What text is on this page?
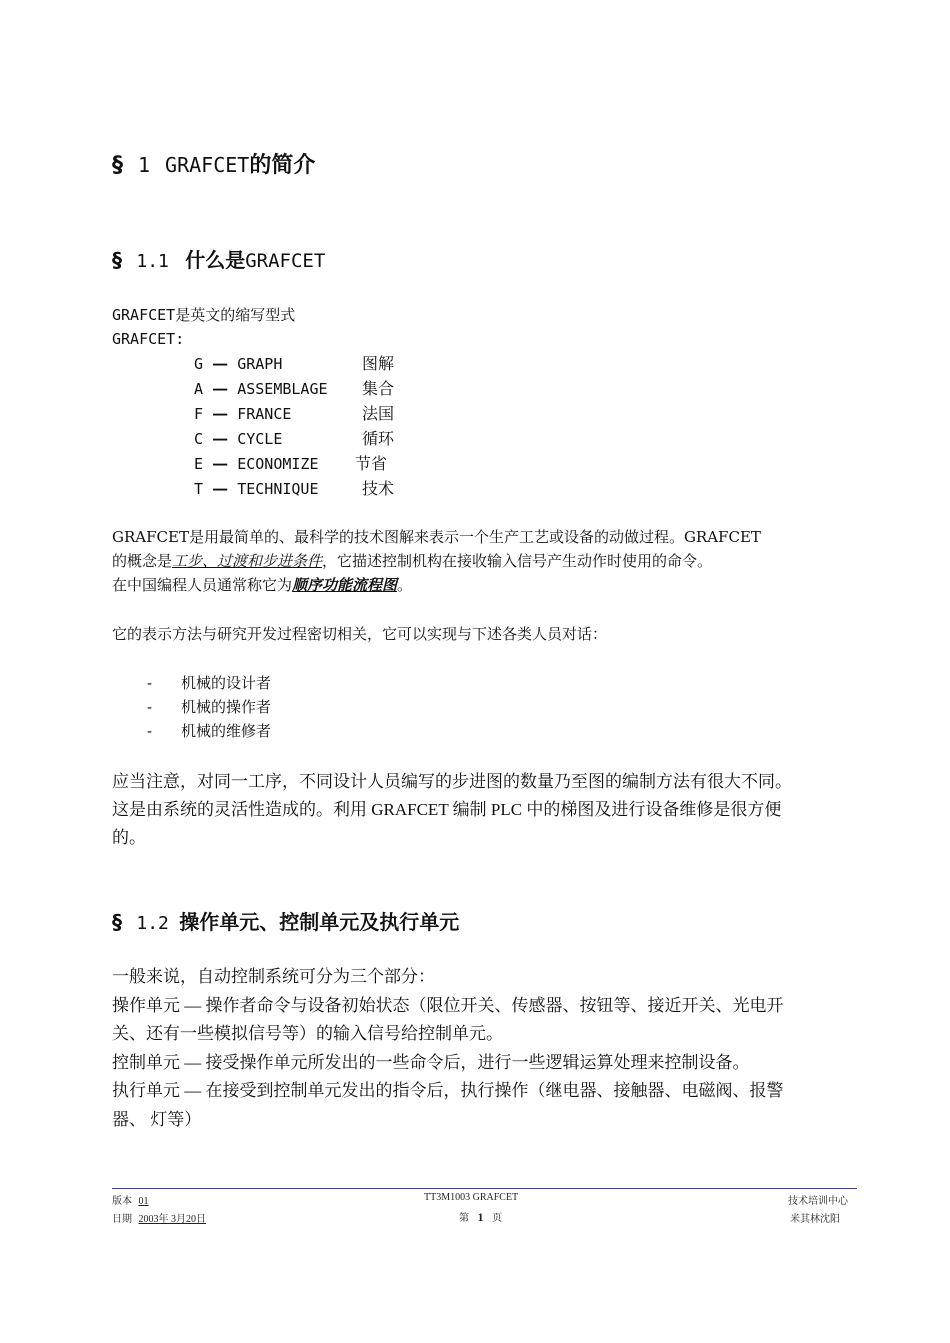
§ 1 GRAFCET的简介
§ 1.1 什么是GRAFCET
GRAFCET是英文的缩写型式
GRAFCET:
G — GRAPH	图解
A — ASSEMBLAGE 集合
F — FRANCE	法国
C — CYCLE	循环
E — ECONOMIZE 节省
T — TECHNIQUE	技术
GRAFCET是用最简单的、最科学的技术图解来表示一个生产工艺或设备的动做过程。GRAFCET
的概念是工步、过渡和步进条件，它描述控制机构在接收输入信号产生动作时使用的命令。
在中国编程人员通常称它为顺序功能流程图。
它的表示方法与研究开发过程密切相关，它可以实现与下述各类人员对话：
- 机械的设计者
- 机械的操作者
- 机械的维修者
应当注意，对同一工序，不同设计人员编写的步进图的数量乃至图的编制方法有很大不同。
这是由系统的灵活性造成的。利用 GRAFCET 编制 PLC 中的梯图及进行设备维修是很方便
的。
§ 1.2 操作单元、控制单元及执行单元
一般来说，自动控制系统可分为三个部分：
操作单元 — 操作者命令与设备初始状态（限位开关、传感器、按钮等、接近开关、光电开
关、还有一些模拟信号等）的输入信号给控制单元。
控制单元 — 接受操作单元所发出的一些命令后，进行一些逻辑运算处理来控制设备。
执行单元 — 在接受到控制单元发出的指令后，执行操作（继电器、接触器、电磁阀、报警
器、 灯等）
版本 01
日期 2003年 3月20日
TT3M1003 GRAFCET
第 1 页
技术培训中心
米其林沈阳
